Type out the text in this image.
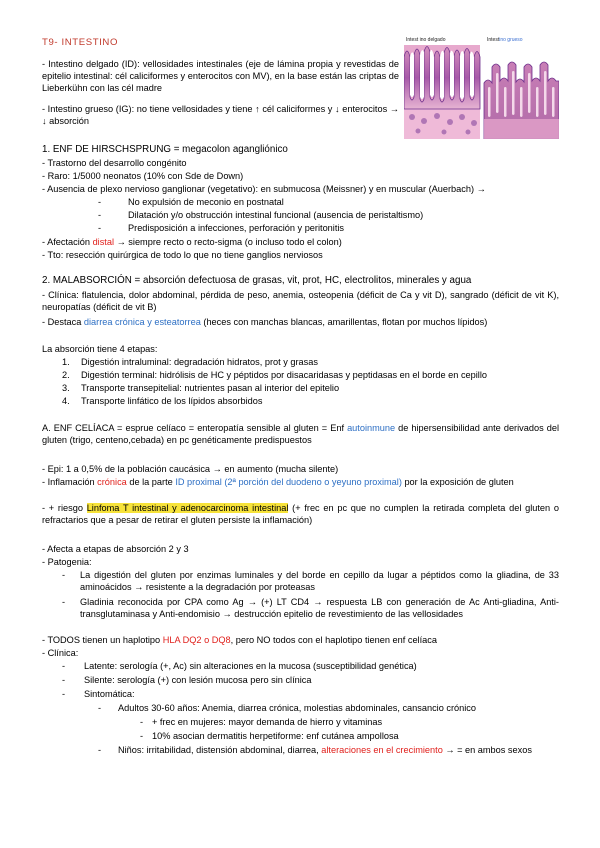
T9- INTESTINO	Intest ino delgado	Intestino grueso
- Intestino delgado (ID): vellosidades intestinales (eje de lámina propia y revestidas de epitelio intestinal: cél caliciformes y enterocitos con MV), en la base están las criptas de Lieberkühn con las cél madre
- Intestino grueso (IG): no tiene vellosidades y tiene ↑ cél caliciformes y ↓ enterocitos → ↓ absorción
1. ENF DE HIRSCHSPRUNG = megacolon agangliónico
- Trastorno del desarrollo congénito
- Raro: 1/5000 neonatos (10% con Sde de Down)
- Ausencia de plexo nervioso ganglionar (vegetativo): en submucosa (Meissner) y en muscular (Auerbach) →
-	No expulsión de meconio en postnatal
-	Dilatación y/o obstrucción intestinal funcional (ausencia de peristaltismo)
-	Predisposición a infecciones, perforación y peritonitis
- Afectación distal → siempre recto o recto-sigma (o incluso todo el colon)
- Tto: resección quirúrgica de todo lo que no tiene ganglios nerviosos
2. MALABSORCIÓN = absorción defectuosa de grasas, vit, prot, HC, electrolitos, minerales y agua
- Clínica: flatulencia, dolor abdominal, pérdida de peso, anemia, osteopenia (déficit de Ca y vit D), sangrado (déficit de vit K), neuropatías (déficit de vit B)
- Destaca diarrea crónica y esteatorrea (heces con manchas blancas, amarillentas, flotan por muchos lípidos)
La absorción tiene 4 etapas:
1. Digestión intraluminal: degradación hidratos, prot y grasas
2. Digestión terminal: hidrólisis de HC y péptidos por disacaridasas y peptidasas en el borde en cepillo
3. Transporte transepitelial: nutrientes pasan al interior del epitelio
4. Transporte linfático de los lípidos absorbidos
A. ENF CELÍACA = esprue celíaco = enteropatía sensible al gluten = Enf autoinmune de hipersensibilidad ante derivados del gluten (trigo, centeno,cebada) en pc genéticamente predispuestos
- Epi: 1 a 0,5% de la población caucásica → en aumento (mucha silente)
- Inflamación crónica de la parte ID proximal (2ª porción del duodeno o yeyuno proximal) por la exposición de gluten
- + riesgo Linfoma T intestinal y adenocarcinoma intestinal (+ frec en pc que no cumplen la retirada completa del gluten o refractarios que a pesar de retirar el gluten persiste la inflamación)
- Afecta a etapas de absorción 2 y 3
- Patogenia:
- La digestión del gluten por enzimas luminales y del borde en cepillo da lugar a péptidos como la gliadina, de 33 aminoácidos → resistente a la degradación por proteasas
- Gladinia reconocida por CPA como Ag → (+) LT CD4 → respuesta LB con generación de Ac Anti-gliadina, Anti- transglutaminasa y Anti-endomisio → destrucción epitelio de revestimiento de las vellosidades
- TODOS tienen un haplotipo HLA DQ2 o DQ8, pero NO todos con el haplotipo tienen enf celíaca
- Clínica:
- Latente: serología (+, Ac) sin alteraciones en la mucosa (susceptibilidad genética)
- Silente: serología (+) con lesión mucosa pero sin clínica
- Sintomática:
- Adultos 30-60 años: Anemia, diarrea crónica, molestias abdominales, cansancio crónico
- + frec en mujeres: mayor demanda de hierro y vitaminas
- 10% asocian dermatitis herpetiforme: enf cutánea ampollosa
- Niños: irritabilidad, distensión abdominal, diarrea, alteraciones en el crecimiento → = en ambos sexos
